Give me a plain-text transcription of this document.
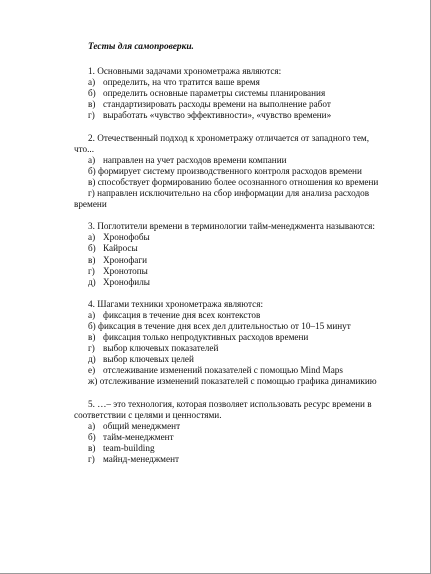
Тесты для самопроверки.

1. Основными задачами хронометража являются:

а) определить, на что тратится ваше время
б) определить основные параметры системы планирования
в) стандартизировать расходы времени на выполнение работ
г) выработать «чувство эффективности», «чувство времени»

2. Отечественный подход к хронометражу отличается от западного тем, что...

а) направлен на учет расходов времени компании
б) формирует систему производственного контроля расходов времени
в) способствует формированию более осознанного отношения ко времени
г) направлен исключительно на сбор информации для анализа расходов времени

3. Поглотители времени в терминологии тайм-менеджмента называются:

а) Хронофобы
б) Кайросы
в) Хронофаги
г) Хронотопы
д) Хронофилы

4. Шагами техники хронометража являются:

а) фиксация в течение дня всех контекстов
б) фиксация в течение дня всех дел длительностью от 10–15 минут
в) фиксация только непродуктивных расходов времени
г) выбор ключевых показателей
д) выбор ключевых целей
е) отслеживание изменений показателей с помощью Mind Maps
ж) отслеживание изменений показателей с помощью графика динамикию

5. …– это технология, которая позволяет использовать ресурс времени в соответствии с целями и ценностями.

а) общий менеджмент
б) тайм-менеджмент
в) team-building
г) майнд-менеджмент
